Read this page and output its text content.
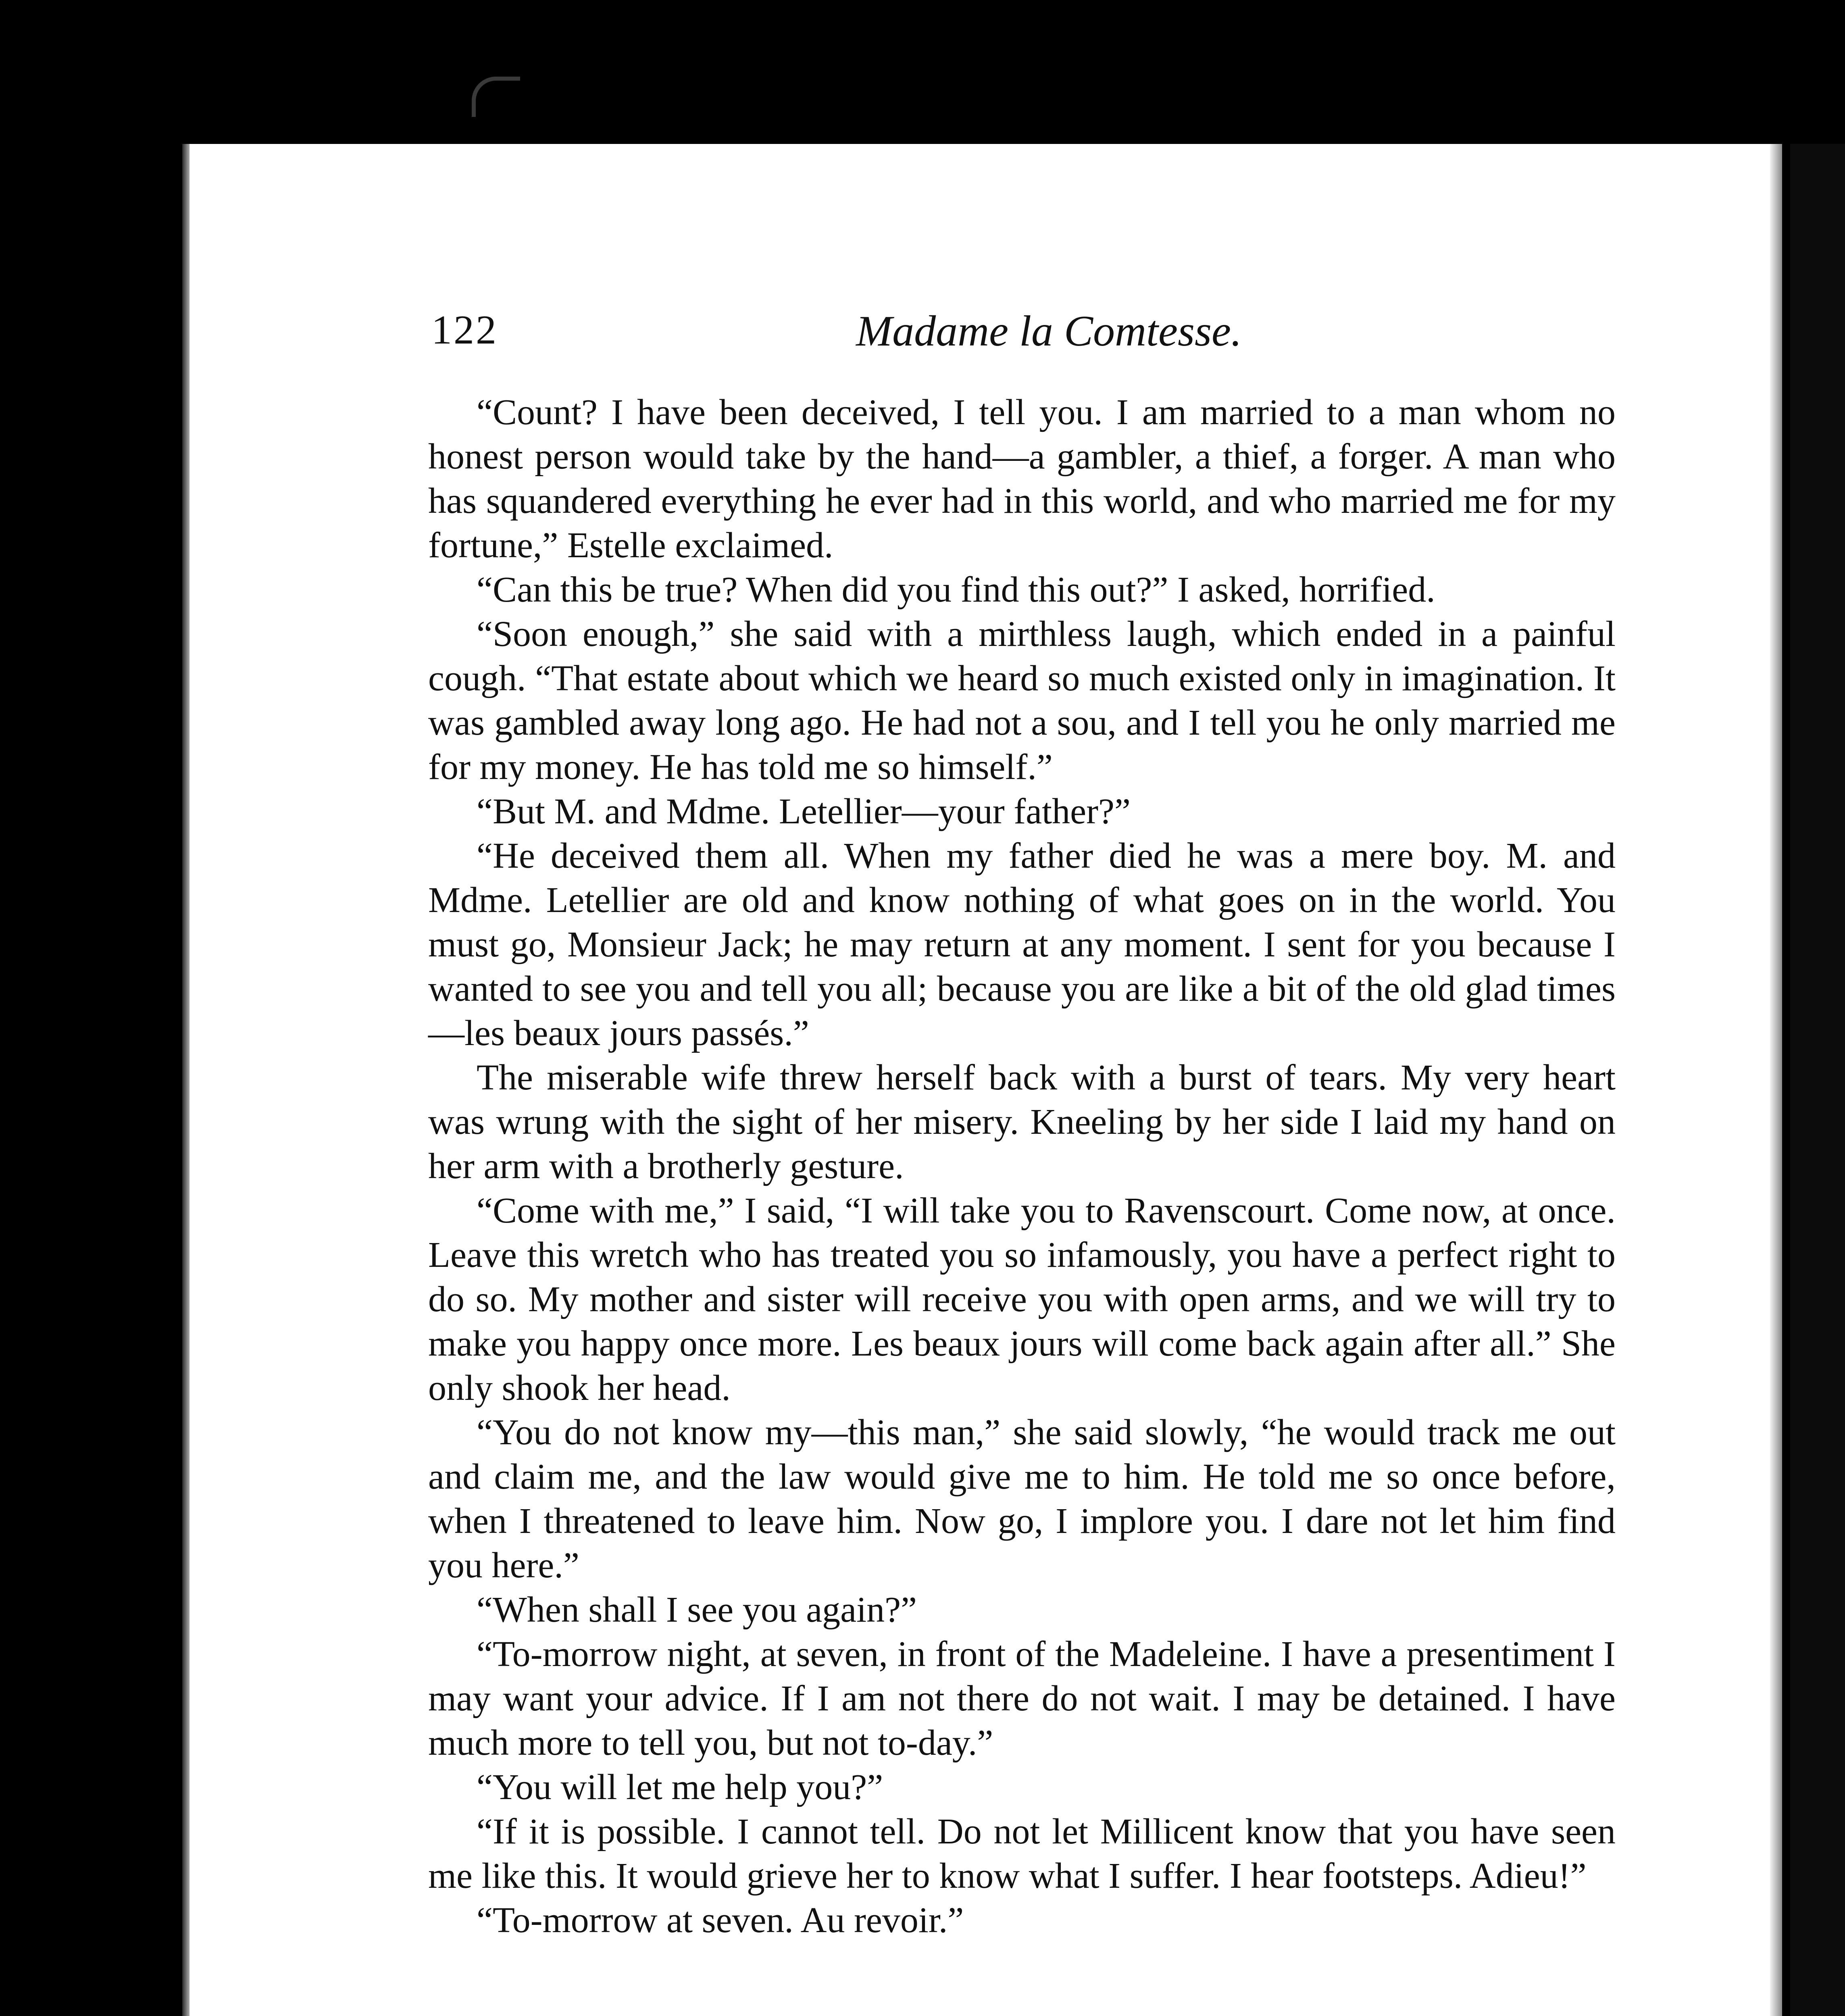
122	Madame la Comtesse.

“Count? I have been deceived, I tell you. I am married to a man whom no honest person would take by the hand—a gambler, a thief, a forger. A man who has squandered everything he ever had in this world, and who married me for my fortune,” Estelle exclaimed.

“Can this be true? When did you find this out?” I asked, horrified.

“Soon enough,” she said with a mirthless laugh, which ended in a painful cough. “That estate about which we heard so much existed only in imagination. It was gambled away long ago. He had not a sou, and I tell you he only married me for my money. He has told me so himself.”

“But M. and Mdme. Letellier—your father?”

“He deceived them all. When my father died he was a mere boy. M. and Mdme. Letellier are old and know nothing of what goes on in the world. You must go, Monsieur Jack; he may return at any moment. I sent for you because I wanted to see you and tell you all; because you are like a bit of the old glad times—les beaux jours passés.”

The miserable wife threw herself back with a burst of tears. My very heart was wrung with the sight of her misery. Kneeling by her side I laid my hand on her arm with a brotherly gesture.

“Come with me,” I said, “I will take you to Ravenscourt. Come now, at once. Leave this wretch who has treated you so infamously, you have a perfect right to do so. My mother and sister will receive you with open arms, and we will try to make you happy once more. Les beaux jours will come back again after all.” She only shook her head.

“You do not know my—this man,” she said slowly, “he would track me out and claim me, and the law would give me to him. He told me so once before, when I threatened to leave him. Now go, I implore you. I dare not let him find you here.”

“When shall I see you again?”

“To-morrow night, at seven, in front of the Madeleine. I have a presentiment I may want your advice. If I am not there do not wait. I may be detained. I have much more to tell you, but not to-day.”

“You will let me help you?”

“If it is possible. I cannot tell. Do not let Millicent know that you have seen me like this. It would grieve her to know what I suffer. I hear footsteps. Adieu!”

“To-morrow at seven. Au revoir.”
